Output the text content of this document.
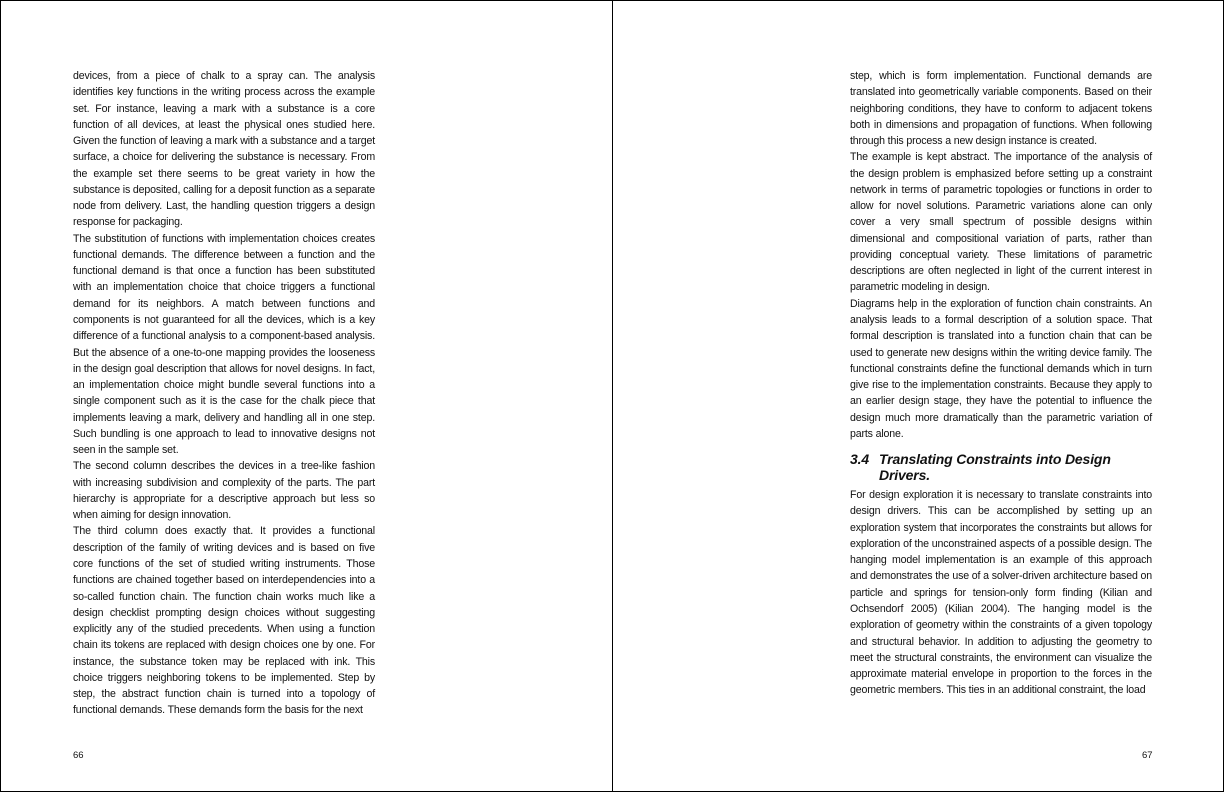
devices, from a piece of chalk to a spray can. The analysis identifies key functions in the writing process across the example set. For instance, leaving a mark with a substance is a core function of all devices, at least the physical ones studied here. Given the function of leaving a mark with a substance and a target surface, a choice for delivering the substance is necessary. From the example set there seems to be great variety in how the substance is deposited, calling for a deposit function as a separate node from delivery. Last, the handling question triggers a design response for packaging.

The substitution of functions with implementation choices creates functional demands. The difference between a function and the functional demand is that once a function has been substituted with an implementation choice that choice triggers a functional demand for its neighbors. A match between functions and components is not guaranteed for all the devices, which is a key difference of a functional analysis to a component-based analysis. But the absence of a one-to-one mapping provides the looseness in the design goal description that allows for novel designs. In fact, an implementation choice might bundle several functions into a single component such as it is the case for the chalk piece that implements leaving a mark, delivery and handling all in one step. Such bundling is one approach to lead to innovative designs not seen in the sample set.

The second column describes the devices in a tree-like fashion with increasing subdivision and complexity of the parts. The part hierarchy is appropriate for a descriptive approach but less so when aiming for design innovation.

The third column does exactly that. It provides a functional description of the family of writing devices and is based on five core functions of the set of studied writing instruments. Those functions are chained together based on interdependencies into a so-called function chain. The function chain works much like a design checklist prompting design choices without suggesting explicitly any of the studied precedents. When using a function chain its tokens are replaced with design choices one by one. For instance, the substance token may be replaced with ink. This choice triggers neighboring tokens to be implemented. Step by step, the abstract function chain is turned into a topology of functional demands. These demands form the basis for the next

66

step, which is form implementation. Functional demands are translated into geometrically variable components. Based on their neighboring conditions, they have to conform to adjacent tokens both in dimensions and propagation of functions. When following through this process a new design instance is created.

The example is kept abstract. The importance of the analysis of the design problem is emphasized before setting up a constraint network in terms of parametric topologies or functions in order to allow for novel solutions. Parametric variations alone can only cover a very small spectrum of possible designs within dimensional and compositional variation of parts, rather than providing conceptual variety. These limitations of parametric descriptions are often neglected in light of the current interest in parametric modeling in design.

Diagrams help in the exploration of function chain constraints. An analysis leads to a formal description of a solution space. That formal description is translated into a function chain that can be used to generate new designs within the writing device family. The functional constraints define the functional demands which in turn give rise to the implementation constraints. Because they apply to an earlier design stage, they have the potential to influence the design much more dramatically than the parametric variation of parts alone.

3.4 Translating Constraints into Design Drivers.

For design exploration it is necessary to translate constraints into design drivers. This can be accomplished by setting up an exploration system that incorporates the constraints but allows for exploration of the unconstrained aspects of a possible design. The hanging model implementation is an example of this approach and demonstrates the use of a solver-driven architecture based on particle and springs for tension-only form finding (Kilian and Ochsendorf 2005) (Kilian 2004). The hanging model is the exploration of geometry within the constraints of a given topology and structural behavior. In addition to adjusting the geometry to meet the structural constraints, the environment can visualize the approximate material envelope in proportion to the forces in the geometric members. This ties in an additional constraint, the load

67
